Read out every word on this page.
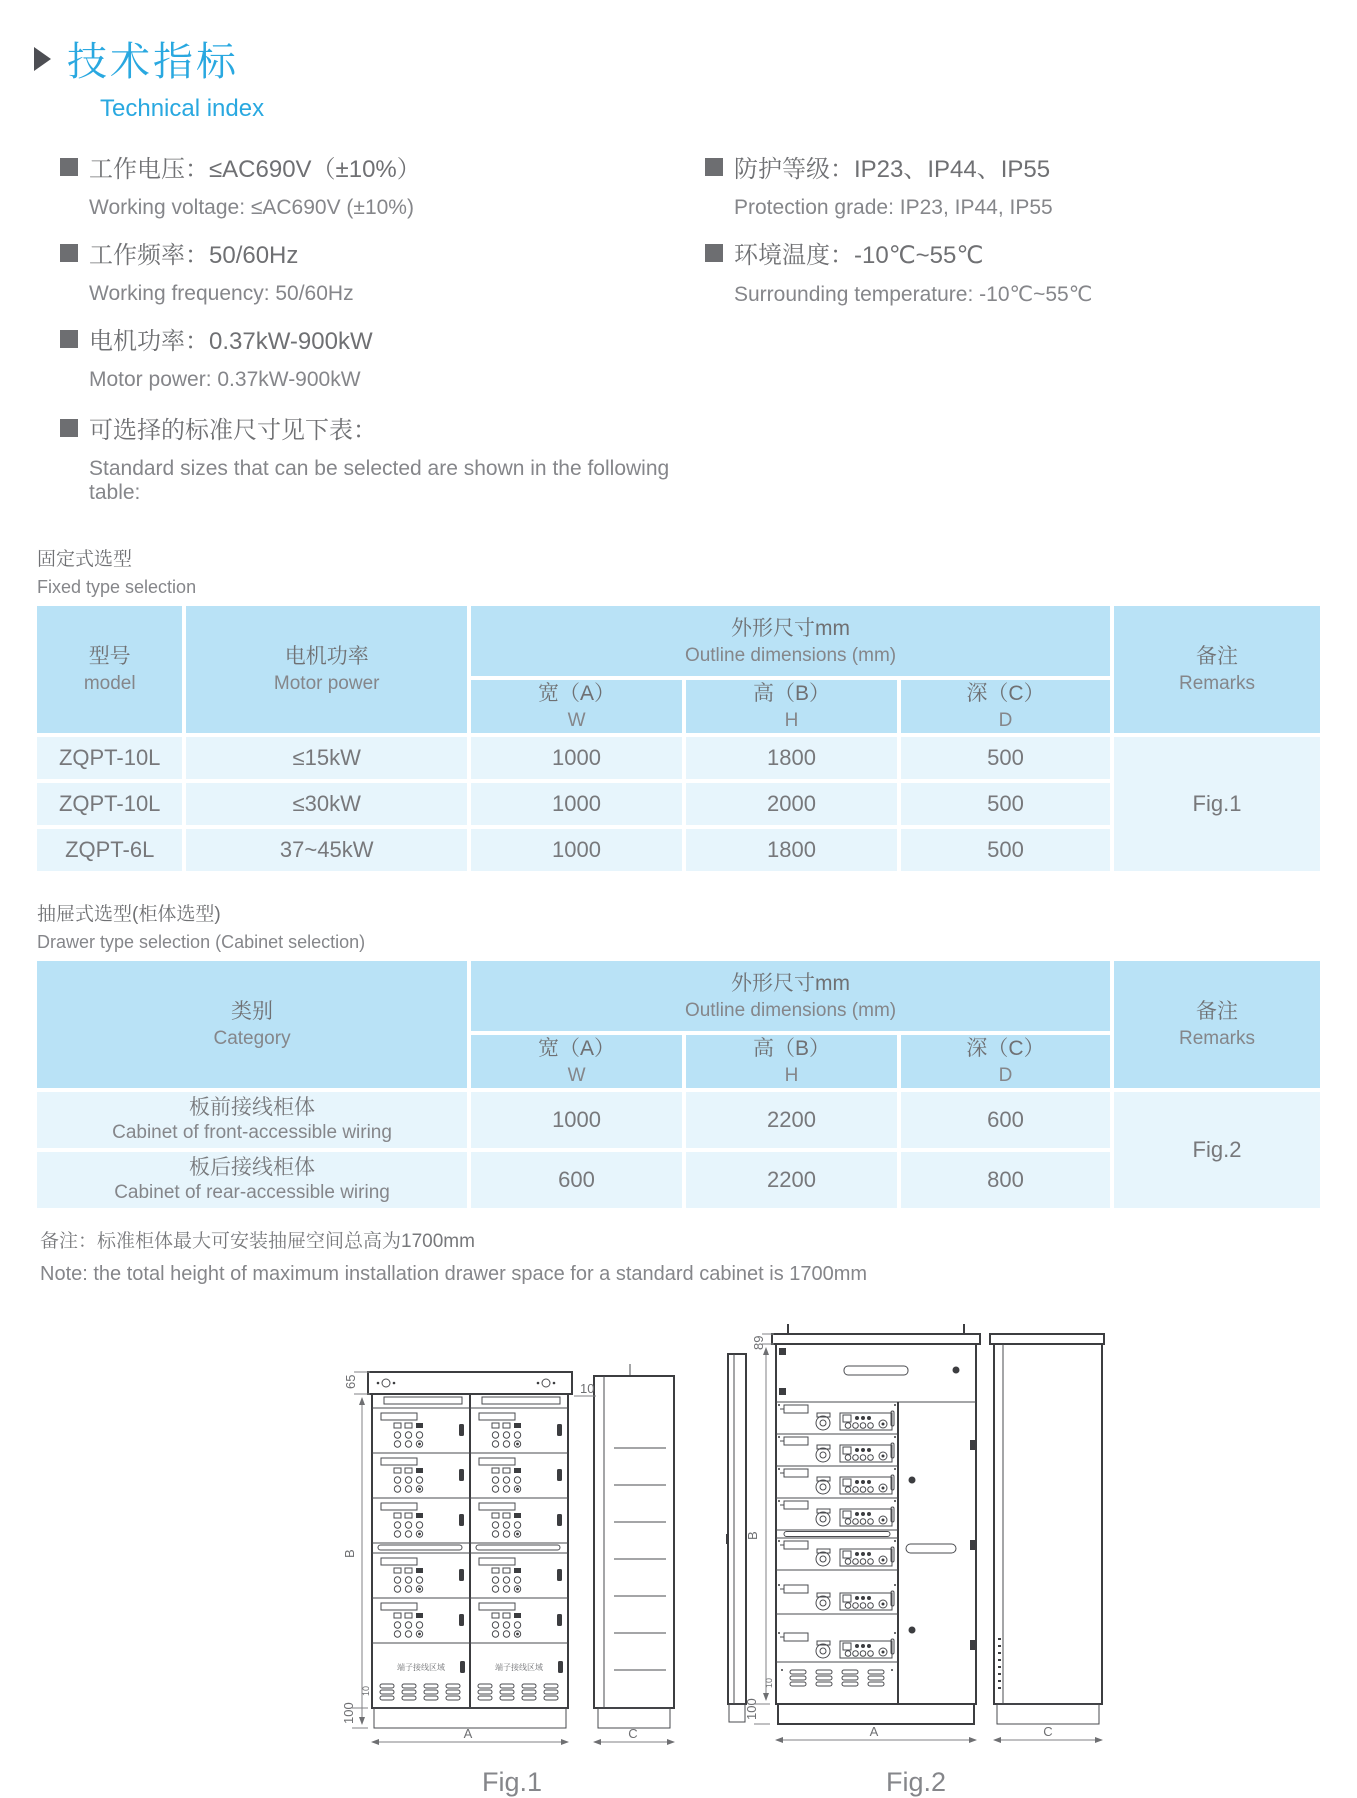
技术指标
Technical index
工作电压：≤AC690V（±10%）
Working voltage: ≤AC690V (±10%)
工作频率：50/60Hz
Working frequency: 50/60Hz
电机功率：0.37kW-900kW
Motor power: 0.37kW-900kW
可选择的标准尺寸见下表：
Standard sizes that can be selected are shown in the following table:
防护等级：IP23、IP44、IP55
Protection grade: IP23, IP44, IP55
环境温度：-10℃~55℃
Surrounding temperature: -10℃~55℃
固定式选型
Fixed type selection
型号
model

电机功率
Motor power

外形尺寸mm
Outline dimensions (mm)	备注
Remarks

宽（A）
W

高（B）
H

深（C）
D

ZQPT-10L	≤15kW	1000	1800	500	Fig.1
ZQPT-10L	≤30kW	1000	2000	500	
ZQPT-6L	37~45kW	1000	1800	500	
抽屉式选型(柜体选型)
Drawer type selection (Cabinet selection)
类别
Category

外形尺寸mm
Outline dimensions (mm)	备注
Remarks

宽（A）
W

高（B）
H

深（C）
D

板前接线柜体
Cabinet of front-accessible wiring	1000	2200	600	Fig.2

板后接线柜体
Cabinet of rear-accessible wiring	600	2200	800	
备注：标准柜体最大可安装抽屉空间总高为1700mm
Note: the total height of maximum installation drawer space for a standard cabinet is 1700mm
端子接线区域	端子接线区域
65	10
B
10
100
A	C
Fig.1
89
B
10
100
A	C
Fig.2
